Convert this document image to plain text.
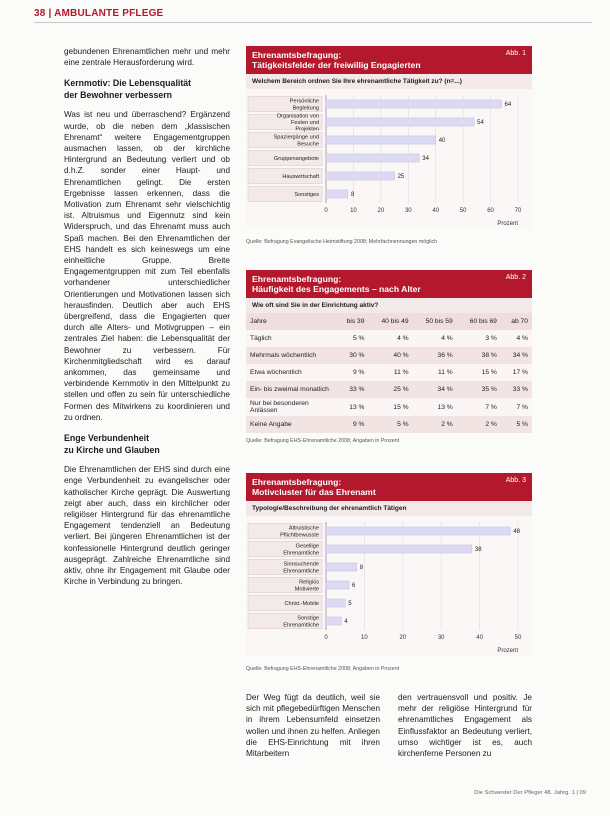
38 | AMBULANTE PFLEGE

gebundenen Ehrenamtlichen mehr und mehr eine zentrale Herausforderung wird.

Kernmotiv: Die Lebensqualität
der Bewohner verbessern

Was ist neu und überraschend? Ergänzend wurde, ob die neben dem „klassischen Ehrenamt“ weitere Engagementgruppen ausmachen lassen, ob der kirchliche Hintergrund an Bedeutung verliert und ob d.h.Z. sonder einer Haupt- und Ehrenamtlichen gelingt. Die ersten Ergebnisse lassen erkennen, dass die Motivation zum Ehrenamt sehr vielschichtig ist. Altruismus und Eigennutz sind kein Widerspruch, und das Ehrenamt muss auch Spaß machen. Bei den Ehrenamtlichen der EHS handelt es sich keineswegs um eine einheitliche Gruppe. Breite Engagementgruppen mit zum Teil ebenfalls vorhandener unterschiedlicher Orientierungen und Motivationen lassen sich herausfinden. Deutlich aber auch EHS übergreifend, dass die Engagierten quer durch alle Alters- und Motivgruppen – ein zentrales Ziel haben: die Lebensqualität der Bewohner zu verbessern. Für Kirchenmitgliedschaft wird es darauf ankommen, das gemeinsame und verbindende Kernmotiv in den Mittelpunkt zu stellen und offen zu sein für unterschiedliche Formen des Mitwirkens zu koordinieren und zu ordnen.

Enge Verbundenheit
zu Kirche und Glauben

Die Ehrenamtlichen der EHS sind durch eine enge Verbundenheit zu evangelischer oder katholischer Kirche geprägt. Die Auswertung zeigt aber auch, dass ein kirchlicher oder religiöser Hintergrund für das ehrenamtliche Engagement tendenziell an Bedeutung verliert. Bei jüngeren Ehrenamtlichen ist der konfessionelle Hintergrund deutlich geringer ausgeprägt. Zahlreiche Ehrenamtliche sind aktiv, ohne ihr Engagement mit Glaube oder Kirche in Verbindung zu bringen.

Ehrenamtsbefragung:
Tätigkeitsfelder der freiwillig Engagierten
Abb. 1
Welchem Bereich ordnen Sie Ihre ehrenamtliche Tätigkeit zu? (n=...)
0	10	20	30	40	50	60	70
Prozent
Persönliche Begleitung
64
Organisation von Festen und Projekten
54
Spaziergänge und Besuche
40
Gruppenangebote	34
Hauswirtschaft	25
Sonstiges	8
Quelle: Befragung Evangelische Heimstiftung 2008; Mehrfachnennungen möglich
Ehrenamtsbefragung:
Häufigkeit des Engagements – nach Alter
Abb. 2
Wie oft sind Sie in der Einrichtung aktiv?
Jahre	bis 39	40 bis 49	50 bis 59	60 bis 69	ab 70
Täglich	5 %	4 %	4 %	3 %	4 %
Mehrmals wöchentlich	30 %	40 %	36 %	38 %	34 %
Etwa wöchentlich	9 %	11 %	11 %	15 %	17 %
Ein- bis zweimal monatlich	33 %	25 %	34 %	35 %	33 %
Nur bei besonderen Anlässen	13 %	15 %	13 %	7 %	7 %
Keine Angabe	9 %	5 %	2 %	2 %	5 %
Quelle: Befragung EHS-Ehrenamtliche 2008; Angaben in Prozent
Ehrenamtsbefragung:
Motivcluster für das Ehrenamt
Abb. 3
Typologie/Beschreibung der ehrenamtlich Tätigen
0	10	20	30	40	50
Prozent
Altruistische Pflichtbewusste
48
Gesellige Ehrenamtliche
38
Sinnsuchende Ehrenamtliche
8
Religiös Motivierte
6
Christ.-Mobile	5
Sonstige Ehrenamtliche
4
Quelle: Befragung EHS-Ehrenamtliche 2008; Angaben in Prozent
Der Weg fügt da deutlich, weil sie sich mit pflegebedürftigen Menschen in ihrem Lebensumfeld einsetzen wollen und ihnen zu helfen. Anliegen die EHS-Einrichtung mit ihren Mitarbeitern
den vertrauensvoll und positiv. Je mehr der religiöse Hintergrund für ehrenamtliches Engagement als Einflussfaktor an Bedeutung verliert, umso wichtiger ist es, auch kirchenferne Personen zu
Die Schwester Der Pfleger 48. Jahrg. 1 | 09
